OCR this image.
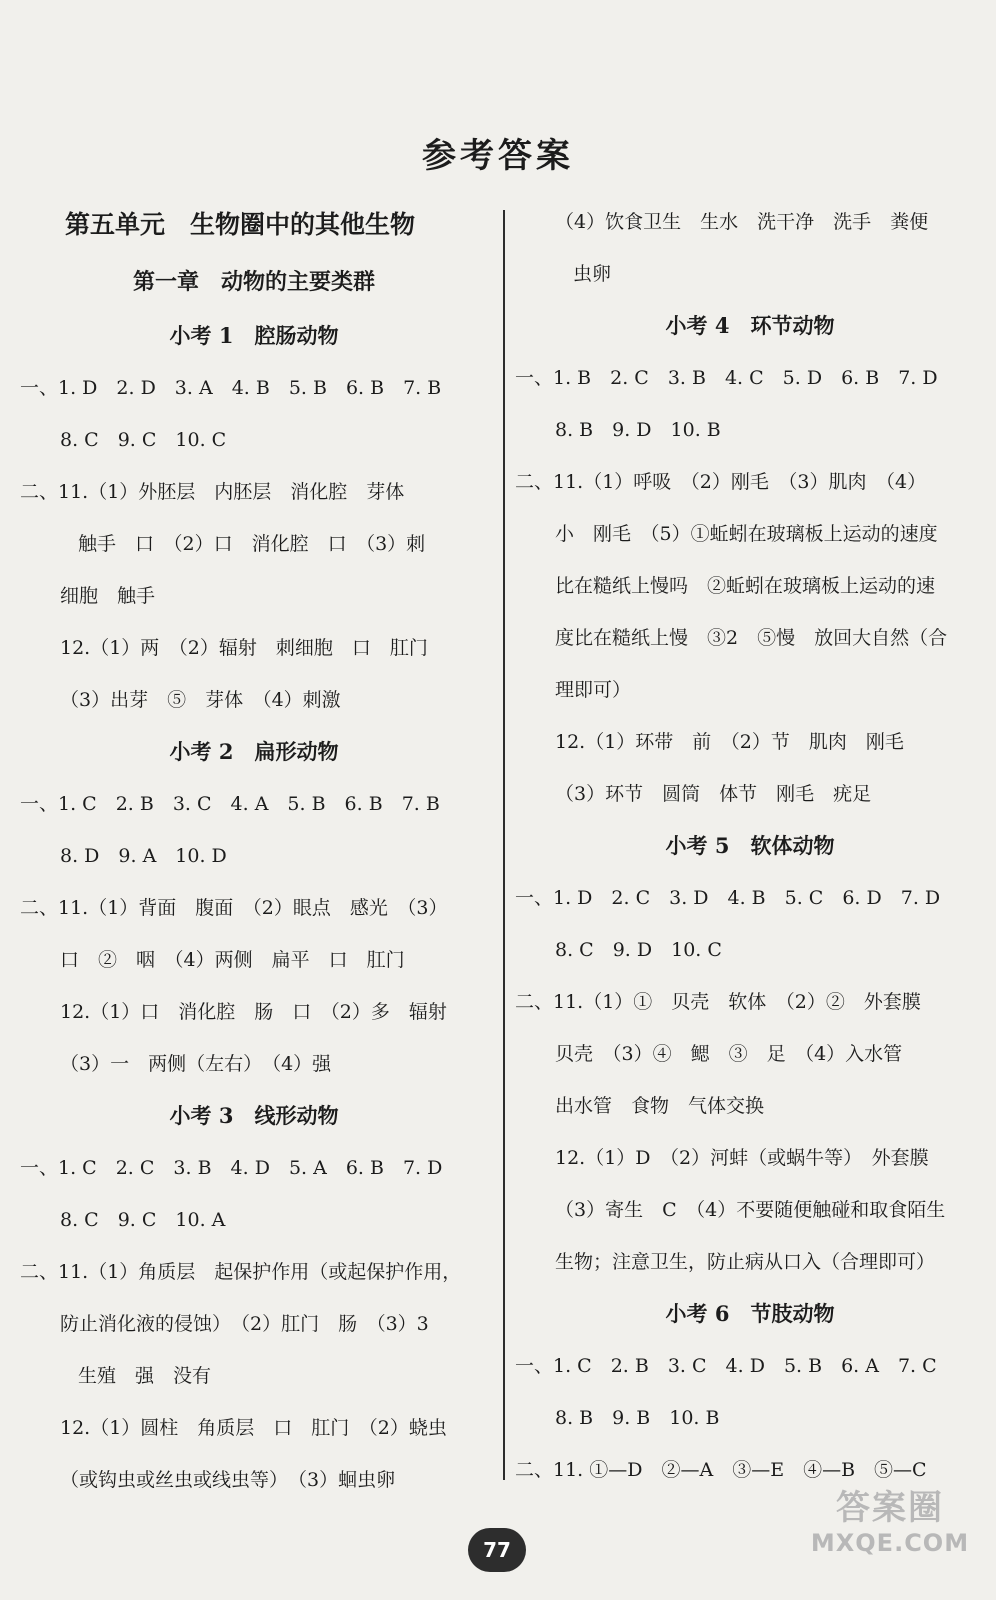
参考答案
第五单元　生物圈中的其他生物
第一章　动物的主要类群
小考 1　腔肠动物
一、1. D　2. D　3. A　4. B　5. B　6. B　7. B
8. C　9. C　10. C
二、11.（1）外胚层　内胚层　消化腔　芽体
触手　口　（2）口　消化腔　口　（3）刺
细胞　触手
12.（1）两　（2）辐射　刺细胞　口　肛门
（3）出芽　⑤　芽体　（4）刺激
小考 2　扁形动物
一、1. C　2. B　3. C　4. A　5. B　6. B　7. B
8. D　9. A　10. D
二、11.（1）背面　腹面　（2）眼点　感光　（3）
口　②　咽　（4）两侧　扁平　口　肛门
12.（1）口　消化腔　肠　口　（2）多　辐射
（3）一　两侧（左右）　（4）强
小考 3　线形动物
一、1. C　2. C　3. B　4. D　5. A　6. B　7. D
8. C　9. C　10. A
二、11.（1）角质层　起保护作用（或起保护作用，
防止消化液的侵蚀）　（2）肛门　肠　（3）3
生殖　强　没有
12.（1）圆柱　角质层　口　肛门　（2）蛲虫
（或钩虫或丝虫或线虫等）　（3）蛔虫卵
（4）饮食卫生　生水　洗干净　洗手　粪便
虫卵
小考 4　环节动物
一、1. B　2. C　3. B　4. C　5. D　6. B　7. D
8. B　9. D　10. B
二、11.（1）呼吸　（2）刚毛　（3）肌肉　（4）
小　刚毛　（5）①蚯蚓在玻璃板上运动的速度
比在糙纸上慢吗　②蚯蚓在玻璃板上运动的速
度比在糙纸上慢　③2　⑤慢　放回大自然（合
理即可）
12.（1）环带　前　（2）节　肌肉　刚毛
（3）环节　圆筒　体节　刚毛　疣足
小考 5　软体动物
一、1. D　2. C　3. D　4. B　5. C　6. D　7. D
8. C　9. D　10. C
二、11.（1）①　贝壳　软体　（2）②　外套膜
贝壳　（3）④　鳃　③　足　（4）入水管
出水管　食物　气体交换
12.（1）D　（2）河蚌（或蜗牛等）　外套膜
（3）寄生　C　（4）不要随便触碰和取食陌生
生物；注意卫生，防止病从口入（合理即可）
小考 6　节肢动物
一、1. C　2. B　3. C　4. D　5. B　6. A　7. C
8. B　9. B　10. B
二、11. ①—D　②—A　③—E　④—B　⑤—C
77
答案圈
MXQE.COM
